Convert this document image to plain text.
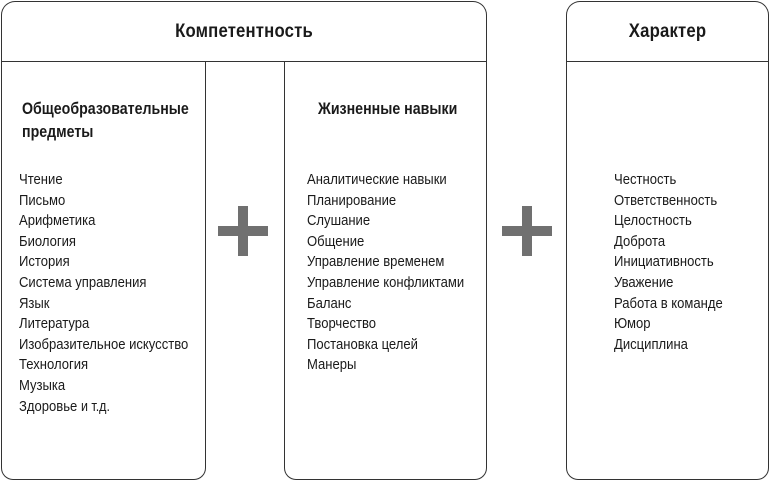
Компетентность
Общеобразовательные
предметы
Чтение
Письмо
Арифметика
Биология
История
Система управления
Язык
Литература
Изобразительное искусство
Технология
Музыка
Здоровье и т.д.
Жизненные навыки
Аналитические навыки
Планирование
Слушание
Общение
Управление временем
Управление конфликтами
Баланс
Творчество
Постановка целей
Манеры
Характер
Честность
Ответственность
Целостность
Доброта
Инициативность
Уважение
Работа в команде
Юмор
Дисциплина
